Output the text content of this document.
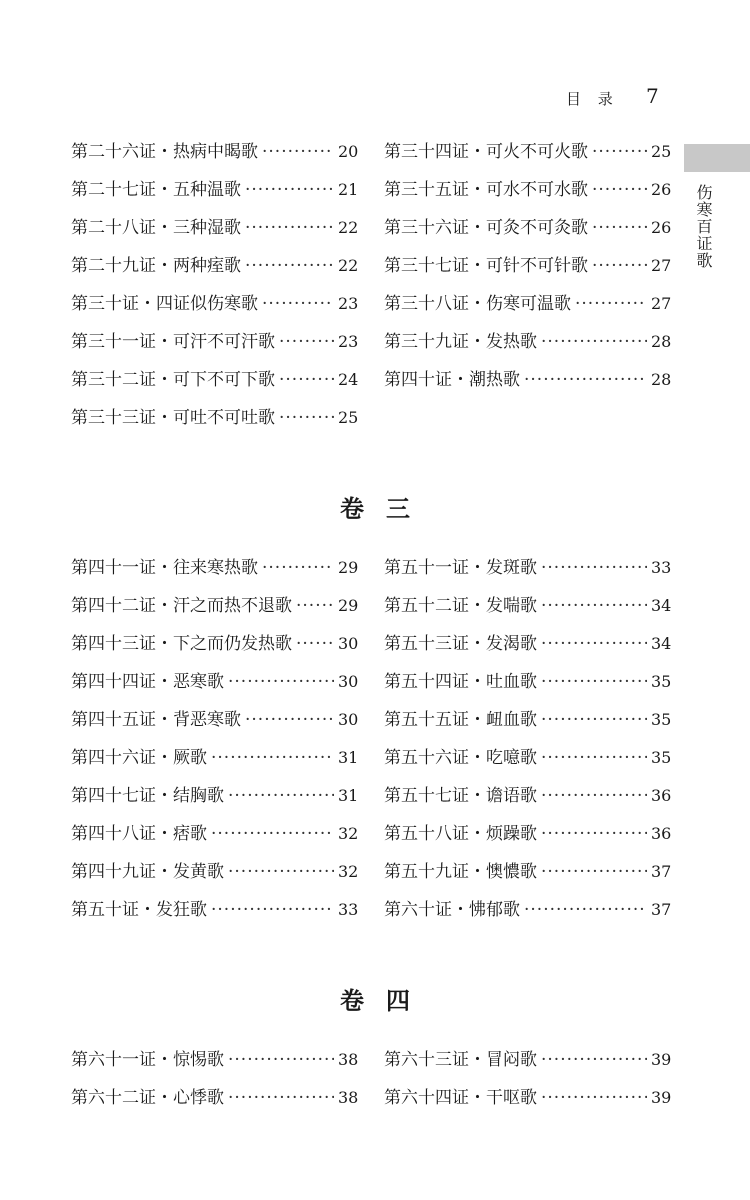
目 录 7
伤寒百证歌
第二十六证・热病中暍歌 ·····	20
第二十七证・五种温歌 ·····	21
第二十八证・三种湿歌 ·····	22
第二十九证・两种痓歌 ·····	22
第三十证・四证似伤寒歌 ·····	23
第三十一证・可汗不可汗歌 ·····	23
第三十二证・可下不可下歌 ·····	24
第三十三证・可吐不可吐歌 ·····	25
第三十四证・可火不可火歌 ·····	25
第三十五证・可水不可水歌 ·····	26
第三十六证・可灸不可灸歌 ·····	26
第三十七证・可针不可针歌 ·····	27
第三十八证・伤寒可温歌 ·····	27
第三十九证・发热歌 ·····	28
第四十证・潮热歌 ·····	28
卷三
第四十一证・往来寒热歌 ·····	29
第四十二证・汗之而热不退歌 ·····	29
第四十三证・下之而仍发热歌 ·····	30
第四十四证・恶寒歌 ·····	30
第四十五证・背恶寒歌 ·····	30
第四十六证・厥歌 ·····	31
第四十七证・结胸歌 ·····	31
第四十八证・痞歌 ·····	32
第四十九证・发黄歌 ·····	32
第五十证・发狂歌 ·····	33
第五十一证・发斑歌 ·····	33
第五十二证・发喘歌 ·····	34
第五十三证・发渴歌 ·····	34
第五十四证・吐血歌 ·····	35
第五十五证・衄血歌 ·····	35
第五十六证・吃噫歌 ·····	35
第五十七证・谵语歌 ·····	36
第五十八证・烦躁歌 ·····	36
第五十九证・懊憹歌 ·····	37
第六十证・怫郁歌 ·····	37
卷四
第六十一证・惊惕歌 ·····	38
第六十二证・心悸歌 ·····	38
第六十三证・冒闷歌 ·····	39
第六十四证・干呕歌 ·····	39
